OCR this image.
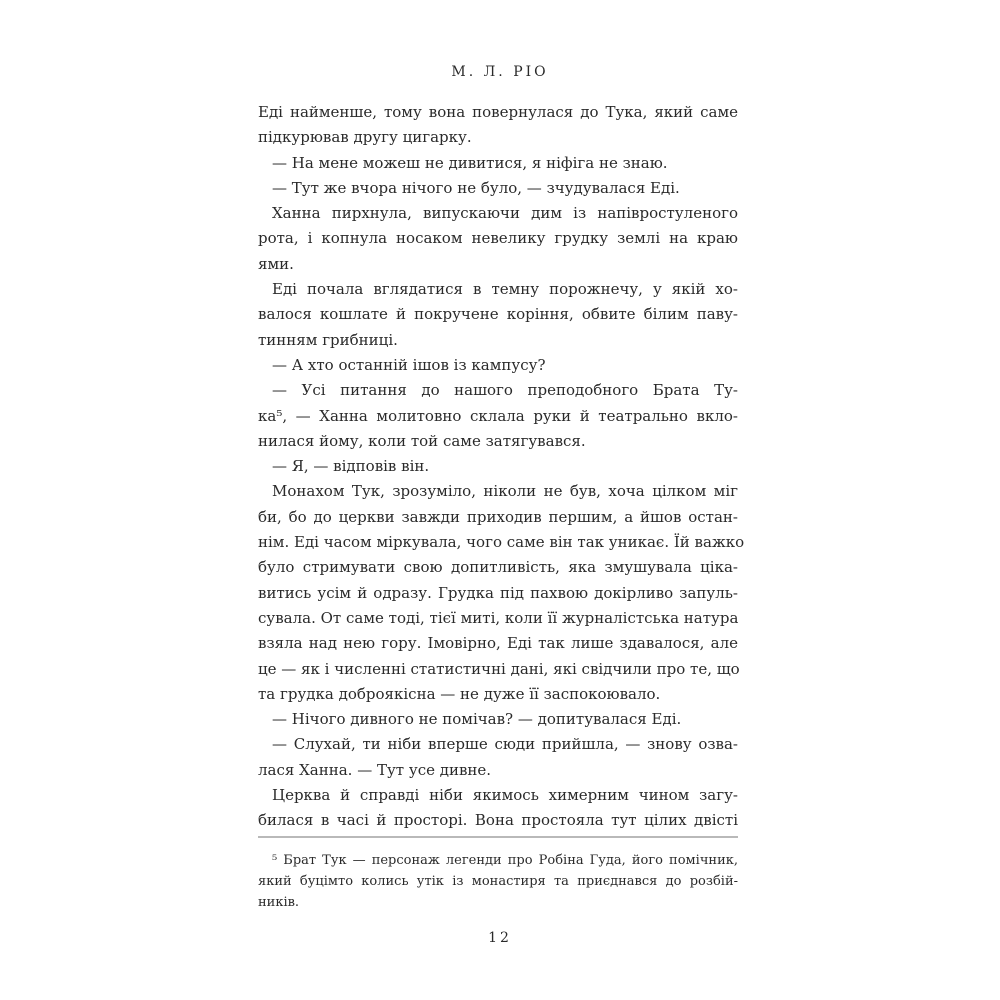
М. Л. РІО
Еді найменше, тому вона повернулася до Тука, який саме
підкурював другу цигарку.
— На мене можеш не дивитися, я ніфіга не знаю.
— Тут же вчора нічого не було, — зчудувалася Еді.
Ханна пирхнула, випускаючи дим із напівростуленого
рота, і копнула носаком невелику грудку землі на краю
ями.
Еді почала вглядатися в темну порожнечу, у якій хо-
валося кошлате й покручене коріння, обвите білим паву-
тинням грибниці.
— А хто останній ішов із кампусу?
— Усі питання до нашого преподобного Брата Ту-
ка⁵, — Ханна молитовно склала руки й театрально вкло-
нилася йому, коли той саме затягувався.
— Я, — відповів він.
Монахом Тук, зрозуміло, ніколи не був, хоча цілком міг
би, бо до церкви завжди приходив першим, а йшов остан-
нім. Еді часом міркувала, чого саме він так уникає. Їй важко
було стримувати свою допитливість, яка змушувала ціка-
витись усім й одразу. Грудка під пахвою докірливо запуль-
сувала. От саме тоді, тієї миті, коли її журналістська натура
взяла над нею гору. Імовірно, Еді так лише здавалося, але
це — як і численні статистичні дані, які свідчили про те, що
та грудка доброякісна — не дуже її заспокоювало.
— Нічого дивного не помічав? — допитувалася Еді.
— Слухай, ти ніби вперше сюди прийшла, — знову озва-
лася Ханна. — Тут усе дивне.
Церква й справді ніби якимось химерним чином загу-
билася в часі й просторі. Вона простояла тут цілих двісті
⁵ Брат Тук — персонаж легенди про Робіна Гуда, його помічник,
який буцімто колись утік із монастиря та приєднався до розбій-
ників.
12
